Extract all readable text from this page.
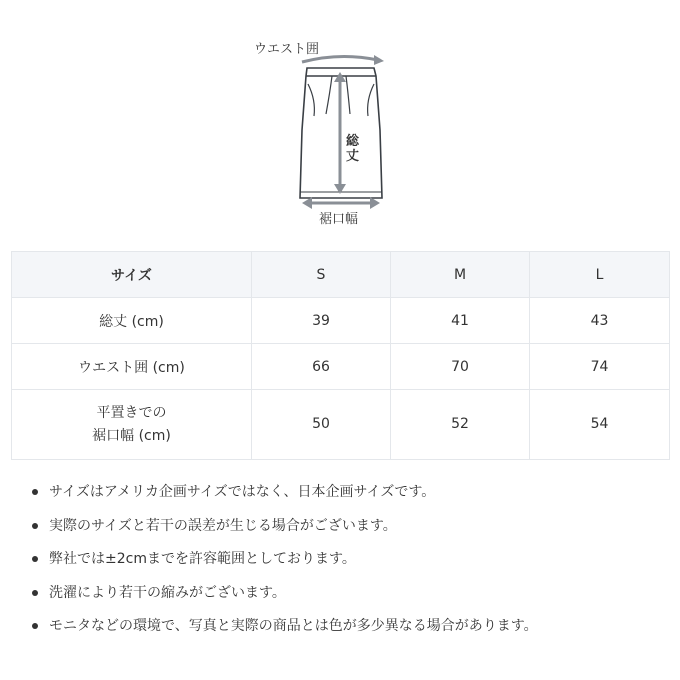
ウエスト囲
総丈
裾口幅
サイズ	S	M	L
総丈 (cm)	39	41	43
ウエスト囲 (cm)	66	70	74
平置きでの
裾口幅 (cm)	50	52	54
サイズはアメリカ企画サイズではなく、日本企画サイズです。
実際のサイズと若干の誤差が生じる場合がございます。
弊社では±2cmまでを許容範囲としております。
洗濯により若干の縮みがございます。
モニタなどの環境で、写真と実際の商品とは色が多少異なる場合があります。
